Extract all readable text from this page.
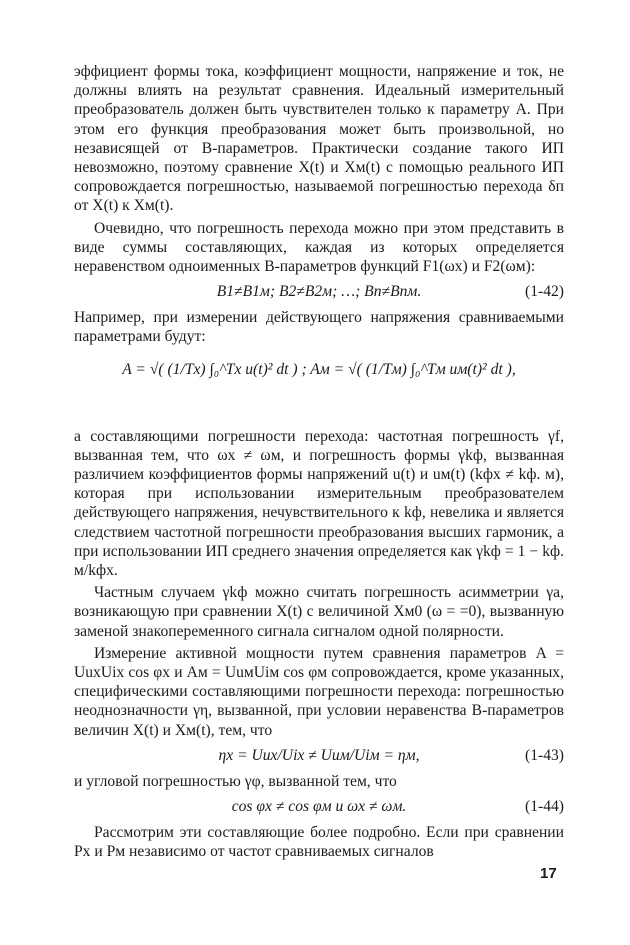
эффициент формы тока, коэффициент мощности, напряжение и ток, не должны влиять на результат сравнения. Идеальный измерительный преобразователь должен быть чувствителен только к параметру A. При этом его функция преобразования может быть произвольной, но независящей от B-параметров. Практически создание такого ИП невозможно, поэтому сравнение X(t) и Xм(t) с помощью реального ИП сопровождается погрешностью, называемой погрешностью перехода δп от X(t) к Xм(t).

Очевидно, что погрешность перехода можно при этом представить в виде суммы составляющих, каждая из которых определяется неравенством одноименных B-параметров функций F1(ωx) и F2(ωм):

B1≠B1м; B2≠B2м; …; Bn≠Bnм.	(1-42)

Например, при измерении действующего напряжения сравниваемыми параметрами будут:

A = √( (1/Tx) ∫₀^Tx u(t)² dt ) ; Aм = √( (1/Tм) ∫₀^Tм uм(t)² dt ),

а составляющими погрешности перехода: частотная погрешность γf, вызванная тем, что ωx ≠ ωм, и погрешность формы γkф, вызванная различием коэффициентов формы напряжений u(t) и uм(t) (kфx ≠ kф. м), которая при использовании измерительным преобразователем действующего напряжения, нечувствительного к kф, невелика и является следствием частотной погрешности преобразования высших гармоник, а при использовании ИП среднего значения определяется как γkф = 1 − kф. м/kфx.

Частным случаем γkф можно считать погрешность асимметрии γa, возникающую при сравнении X(t) с величиной Xм0 (ω = =0), вызванную заменой знакопеременного сигнала сигналом одной полярности.

Измерение активной мощности путем сравнения параметров A = UuxUix cos φx и Aм = UuмUiм cos φм сопровождается, кроме указанных, специфическими составляющими погрешности перехода: погрешностью неоднозначности γη, вызванной, при условии неравенства B-параметров величин X(t) и Xм(t), тем, что

ηx = Uux/Uix ≠ Uuм/Uiм = ηм,	(1-43)

и угловой погрешностью γφ, вызванной тем, что

cos φx ≠ cos φм и ωx ≠ ωм.	(1-44)

Рассмотрим эти составляющие более подробно. Если при сравнении Px и Pм независимо от частот сравниваемых сигналов

17
